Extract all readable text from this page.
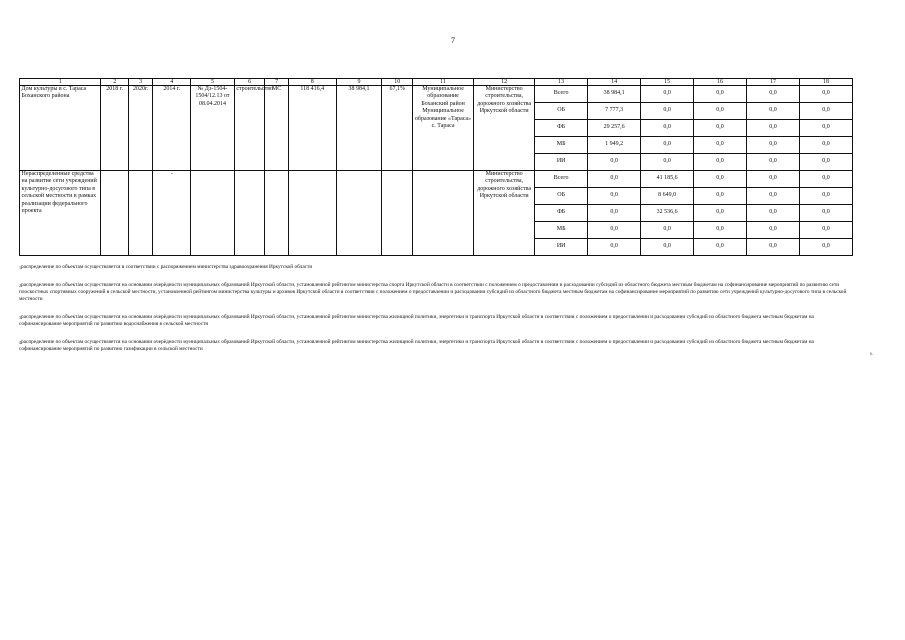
7
1	2	3	4	5	6	7	8	9	10	11	12	13	14	15	16	17	18
Дом культуры в с. Тараса Боханского района	2018 г.	2020г.	2014 г.	№ Дз-1504-1504/12.13 от 08.04.2014	строительство	МС	118 416,4	38 984,1	67,1%	Муниципальное образование Боханский район Муниципальное образование «Тараса» с. Тараса	Министерство строительства, дорожного хозяйства Иркутской области	Всего	38 984,1	0,0	0,0	0,0	0,0
												ОБ	7 777,3	0,0	0,0	0,0	0,0
												ФБ	29 257,6	0,0	0,0	0,0	0,0
												МБ	1 949,2	0,0	0,0	0,0	0,0
												ИИ	0,0	0,0	0,0	0,0	0,0
Нераспределенные средства на развитие сети учреждений культурно-досугового типа в сельской местности в рамках реализации федерального проекта			-								Министерство строительства, дорожного хозяйства Иркутской области	Всего	0,0	41 185,6	0,0	0,0	0,0
												ОБ	0,0	8 649,0	0,0	0,0	0,0
												ФБ	0,0	32 536,6	0,0	0,0	0,0
												МБ	0,0	0,0	0,0	0,0	0,0
												ИИ	0,0	0,0	0,0	0,0	0,0

$^1$распределение по объектам осуществляется в соответствии с распоряжением министерства здравоохранения Иркутской области

$^2$распределение по объектам осуществляется на основании очерёдности муниципальных образований Иркутской области, установленной рейтингом министерства спорта Иркутской области в соответствии с положением о предоставлении и расходовании субсидий из областного бюджета местным бюджетам на софинансирование мероприятий по развитию сети плоскостных спортивных сооружений в сельской местности, установленной рейтингом министерства культуры и архивов Иркутской области в соответствии с положением о предоставлении и расходовании субсидий из областного бюджета местным бюджетам на софинансирование мероприятий по развитию сети учреждений культурно-досугового типа в сельской местности

$^3$распределение по объектам осуществляется на основании очерёдности муниципальных образований Иркутской области, установленной рейтингом министерства жилищной политики, энергетики и транспорта Иркутской области в соответствии с положением о предоставлении и расходовании субсидий из областного бюджета местным бюджетам на софинансирование мероприятий по развитию водоснабжения в сельской местности

$^4$распределение по объектам осуществляется на основании очерёдности муниципальных образований Иркутской области, установленной рейтингом министерства жилищной политики, энергетики и транспорта Иркутской области в соответствии с положением о предоставлении и расходовании субсидий из областного бюджета местным бюджетам на софинансирование мероприятий по развитию газификации в сельской местности

к.
